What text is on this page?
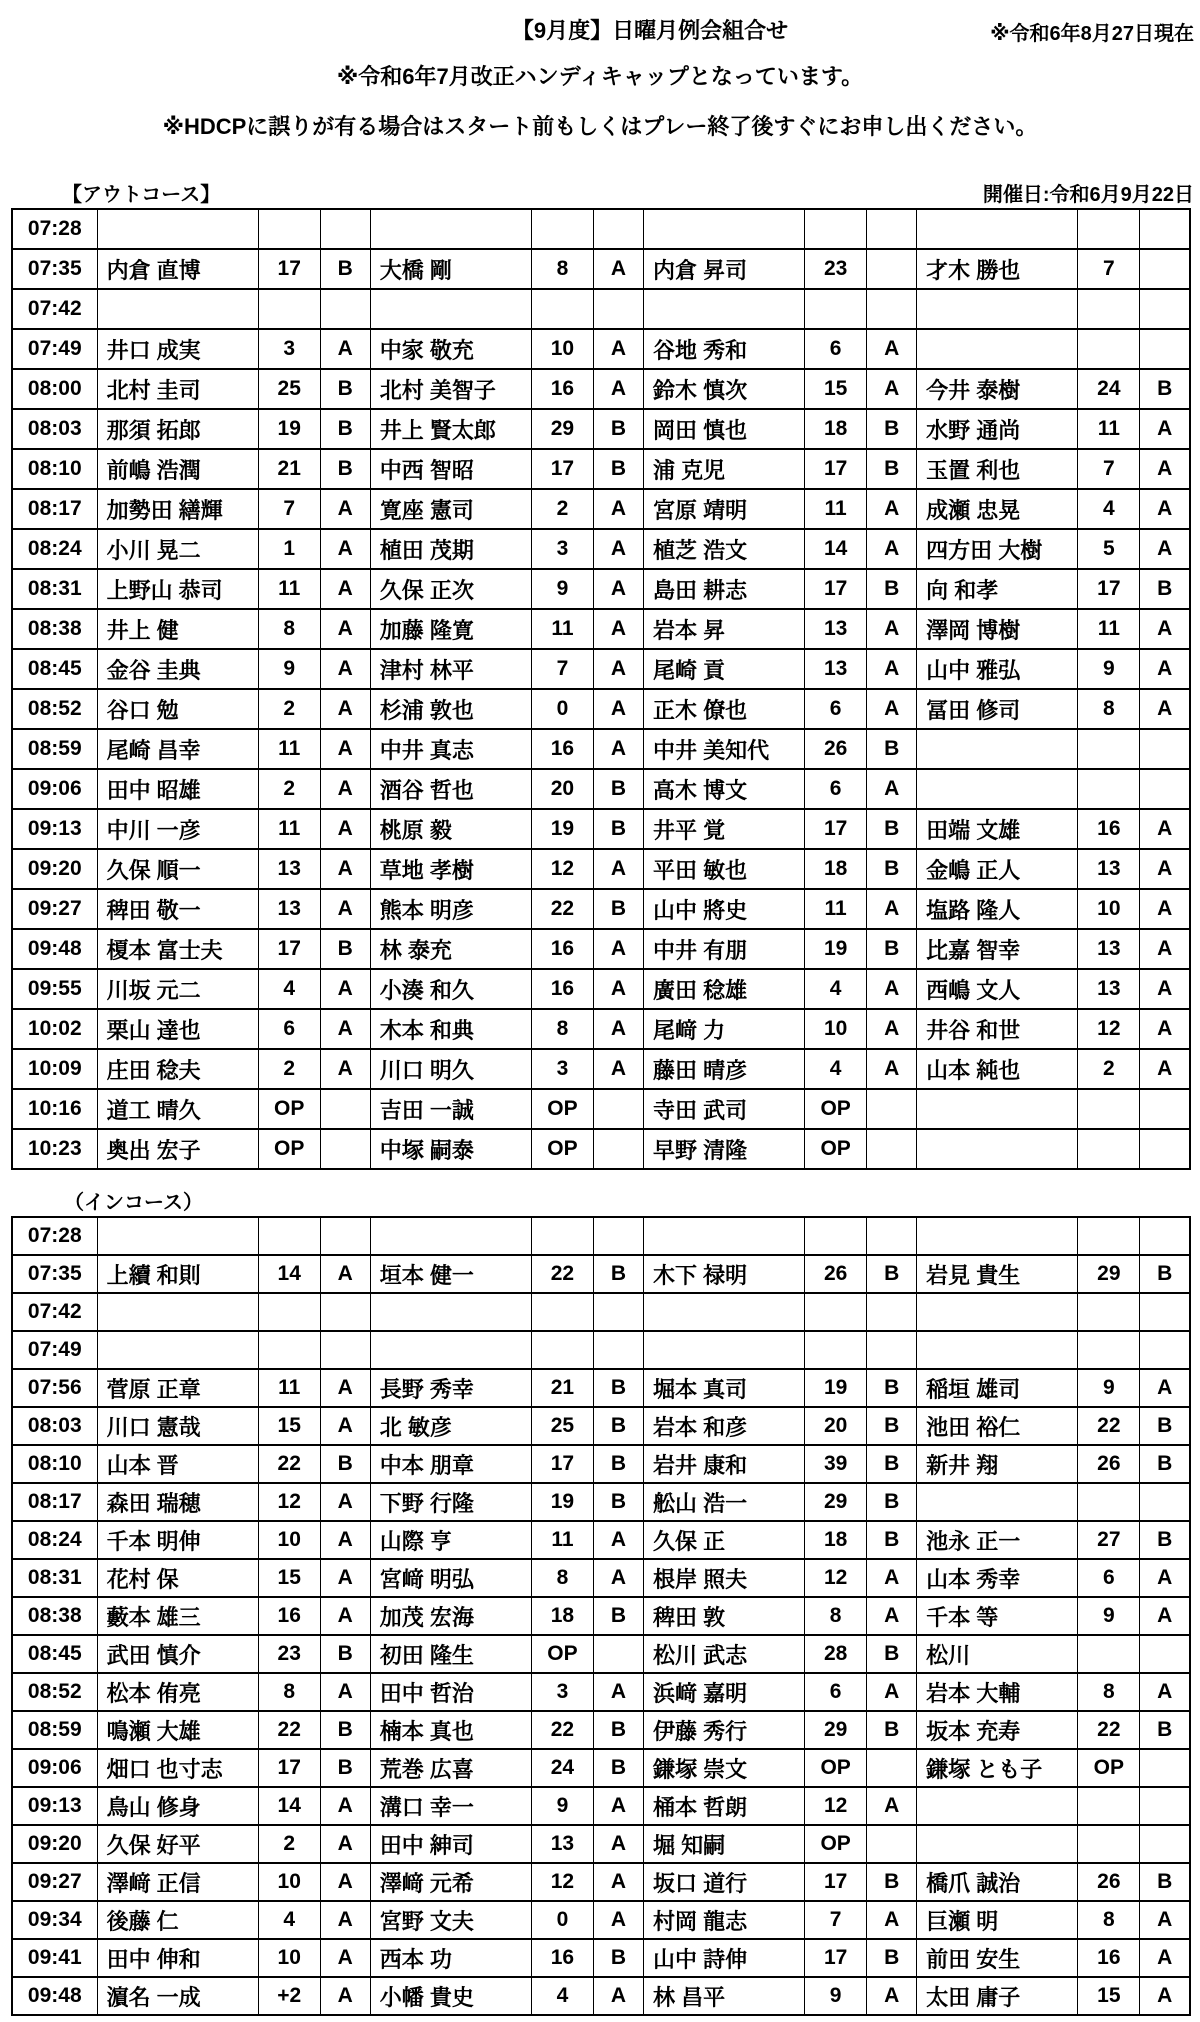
【9月度】日曜月例会組合せ	※令和6年8月27日現在
※令和6年7月改正ハンディキャップとなっています。
※HDCPに誤りが有る場合はスタート前もしくはプレー終了後すぐにお申し出ください。
【アウトコース】	開催日:令和6月9月22日
07:28												
07:35	内倉 直博	17	B	大橋 剛	8	A	内倉 昇司	23		才木 勝也	7	
07:42												
07:49	井口 成実	3	A	中家 敬充	10	A	谷地 秀和	6	A			
08:00	北村 圭司	25	B	北村 美智子	16	A	鈴木 慎次	15	A	今井 泰樹	24	B
08:03	那須 拓郎	19	B	井上 賢太郎	29	B	岡田 慎也	18	B	水野 通尚	11	A
08:10	前嶋 浩潤	21	B	中西 智昭	17	B	浦 克児	17	B	玉置 利也	7	A
08:17	加勢田 繕輝	7	A	寛座 憲司	2	A	宮原 靖明	11	A	成瀬 忠晃	4	A
08:24	小川 晃二	1	A	植田 茂期	3	A	植芝 浩文	14	A	四方田 大樹	5	A
08:31	上野山 恭司	11	A	久保 正次	9	A	島田 耕志	17	B	向 和孝	17	B
08:38	井上 健	8	A	加藤 隆寛	11	A	岩本 昇	13	A	澤岡 博樹	11	A
08:45	金谷 圭典	9	A	津村 林平	7	A	尾崎 貢	13	A	山中 雅弘	9	A
08:52	谷口 勉	2	A	杉浦 敦也	0	A	正木 僚也	6	A	冨田 修司	8	A
08:59	尾崎 昌幸	11	A	中井 真志	16	A	中井 美知代	26	B			
09:06	田中 昭雄	2	A	酒谷 哲也	20	B	高木 博文	6	A			
09:13	中川 一彦	11	A	桃原 毅	19	B	井平 覚	17	B	田端 文雄	16	A
09:20	久保 順一	13	A	草地 孝樹	12	A	平田 敏也	18	B	金嶋 正人	13	A
09:27	稗田 敬一	13	A	熊本 明彦	22	B	山中 將史	11	A	塩路 隆人	10	A
09:48	榎本 富士夫	17	B	林 泰充	16	A	中井 有朋	19	B	比嘉 智幸	13	A
09:55	川坂 元二	4	A	小湊 和久	16	A	廣田 稔雄	4	A	西嶋 文人	13	A
10:02	栗山 達也	6	A	木本 和典	8	A	尾﨑 力	10	A	井谷 和世	12	A
10:09	庄田 稔夫	2	A	川口 明久	3	A	藤田 晴彦	4	A	山本 純也	2	A
10:16	道工 晴久	OP		吉田 一誠	OP		寺田 武司	OP				
10:23	奥出 宏子	OP		中塚 嗣泰	OP		早野 清隆	OP				
（インコース）
07:28												
07:35	上續 和則	14	A	垣本 健一	22	B	木下 禄明	26	B	岩見 貴生	29	B
07:42												
07:49												
07:56	菅原 正章	11	A	長野 秀幸	21	B	堀本 真司	19	B	稲垣 雄司	9	A
08:03	川口 憲哉	15	A	北 敏彦	25	B	岩本 和彦	20	B	池田 裕仁	22	B
08:10	山本 晋	22	B	中本 朋章	17	B	岩井 康和	39	B	新井 翔	26	B
08:17	森田 瑞穂	12	A	下野 行隆	19	B	舩山 浩一	29	B			
08:24	千本 明伸	10	A	山際 亨	11	A	久保 正	18	B	池永 正一	27	B
08:31	花村 保	15	A	宮﨑 明弘	8	A	根岸 照夫	12	A	山本 秀幸	6	A
08:38	藪本 雄三	16	A	加茂 宏海	18	B	稗田 敦	8	A	千本 等	9	A
08:45	武田 慎介	23	B	初田 隆生	OP		松川 武志	28	B	松川		
08:52	松本 侑亮	8	A	田中 哲治	3	A	浜﨑 嘉明	6	A	岩本 大輔	8	A
08:59	鳴瀬 大雄	22	B	楠本 真也	22	B	伊藤 秀行	29	B	坂本 充寿	22	B
09:06	畑口 也寸志	17	B	荒巻 広喜	24	B	鎌塚 崇文	OP		鎌塚 とも子	OP	
09:13	鳥山 修身	14	A	溝口 幸一	9	A	桶本 哲朗	12	A			
09:20	久保 好平	2	A	田中 紳司	13	A	堀 知嗣	OP				
09:27	澤﨑 正信	10	A	澤﨑 元希	12	A	坂口 道行	17	B	橋爪 誠治	26	B
09:34	後藤 仁	4	A	宮野 文夫	0	A	村岡 龍志	7	A	巨瀬 明	8	A
09:41	田中 伸和	10	A	西本 功	16	B	山中 詩伸	17	B	前田 安生	16	A
09:48	濵名 一成	+2	A	小幡 貴史	4	A	林 昌平	9	A	太田 庸子	15	A
